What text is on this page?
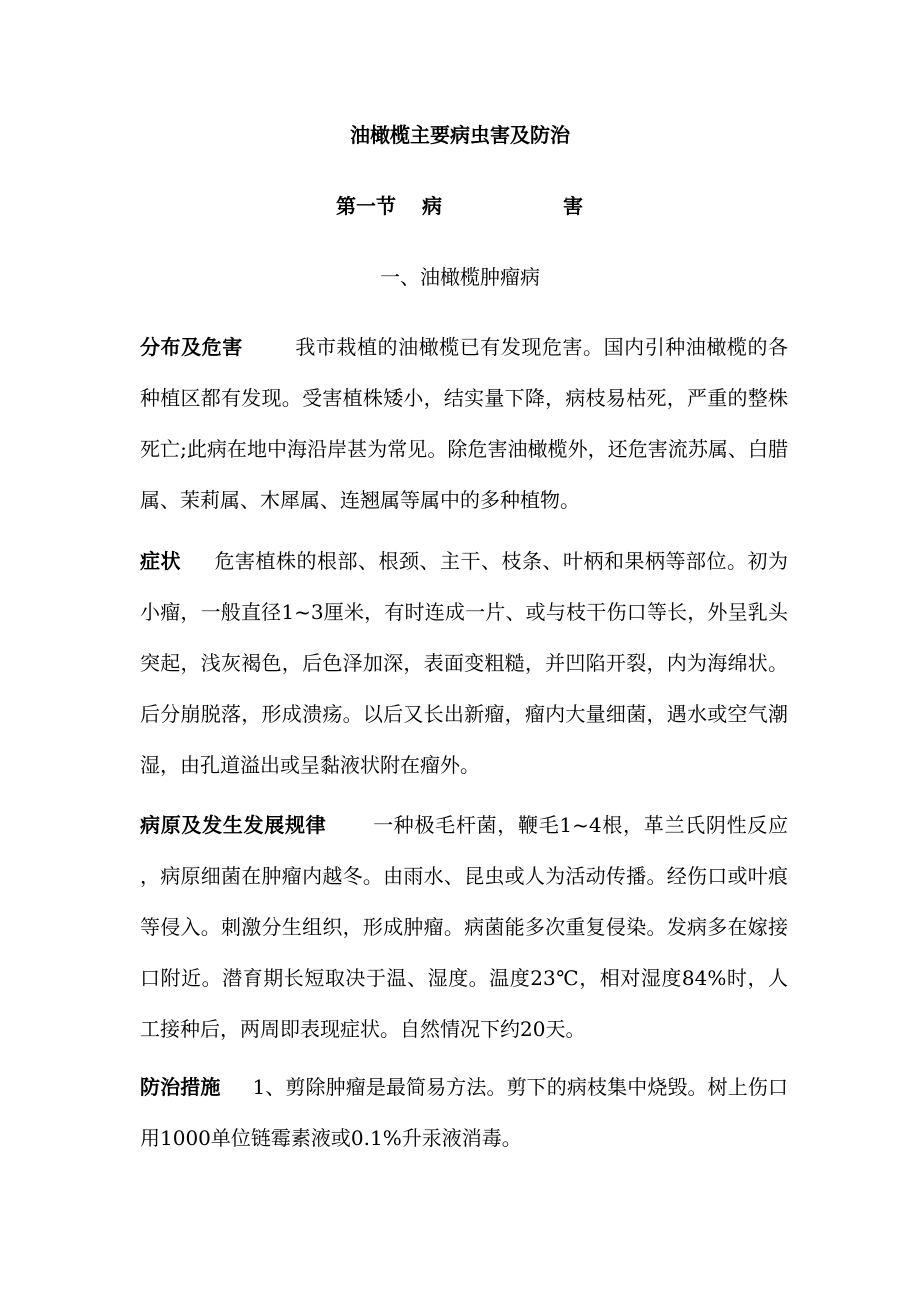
油橄榄主要病虫害及防治
第一节 病	害
一、油橄榄肿瘤病
分布及危害	我市栽植的油橄榄已有发现危害。国内引种油橄榄的各种植区都有发现。受害植株矮小，结实量下降，病枝易枯死，严重的整株死亡;此病在地中海沿岸甚为常见。除危害油橄榄外，还危害流苏属、白腊属、茉莉属、木犀属、连翘属等属中的多种植物。
症状 危害植株的根部、根颈、主干、枝条、叶柄和果柄等部位。初为小瘤，一般直径1~3厘米，有时连成一片、或与枝干伤口等长，外呈乳头突起，浅灰褐色，后色泽加深，表面变粗糙，并凹陷开裂，内为海绵状。后分崩脱落，形成溃疡。以后又长出新瘤，瘤内大量细菌，遇水或空气潮湿，由孔道溢出或呈黏液状附在瘤外。
病原及发生发展规律 一种极毛杆菌，鞭毛1~4根，革兰氏阴性反应，病原细菌在肿瘤内越冬。由雨水、昆虫或人为活动传播。经伤口或叶痕等侵入。刺激分生组织，形成肿瘤。病菌能多次重复侵染。发病多在嫁接口附近。潜育期长短取决于温、湿度。温度23℃，相对湿度84%时，人工接种后，两周即表现症状。自然情况下约20天。
防治措施 1、剪除肿瘤是最简易方法。剪下的病枝集中烧毁。树上伤口用1000单位链霉素液或0.1%升汞液消毒。
